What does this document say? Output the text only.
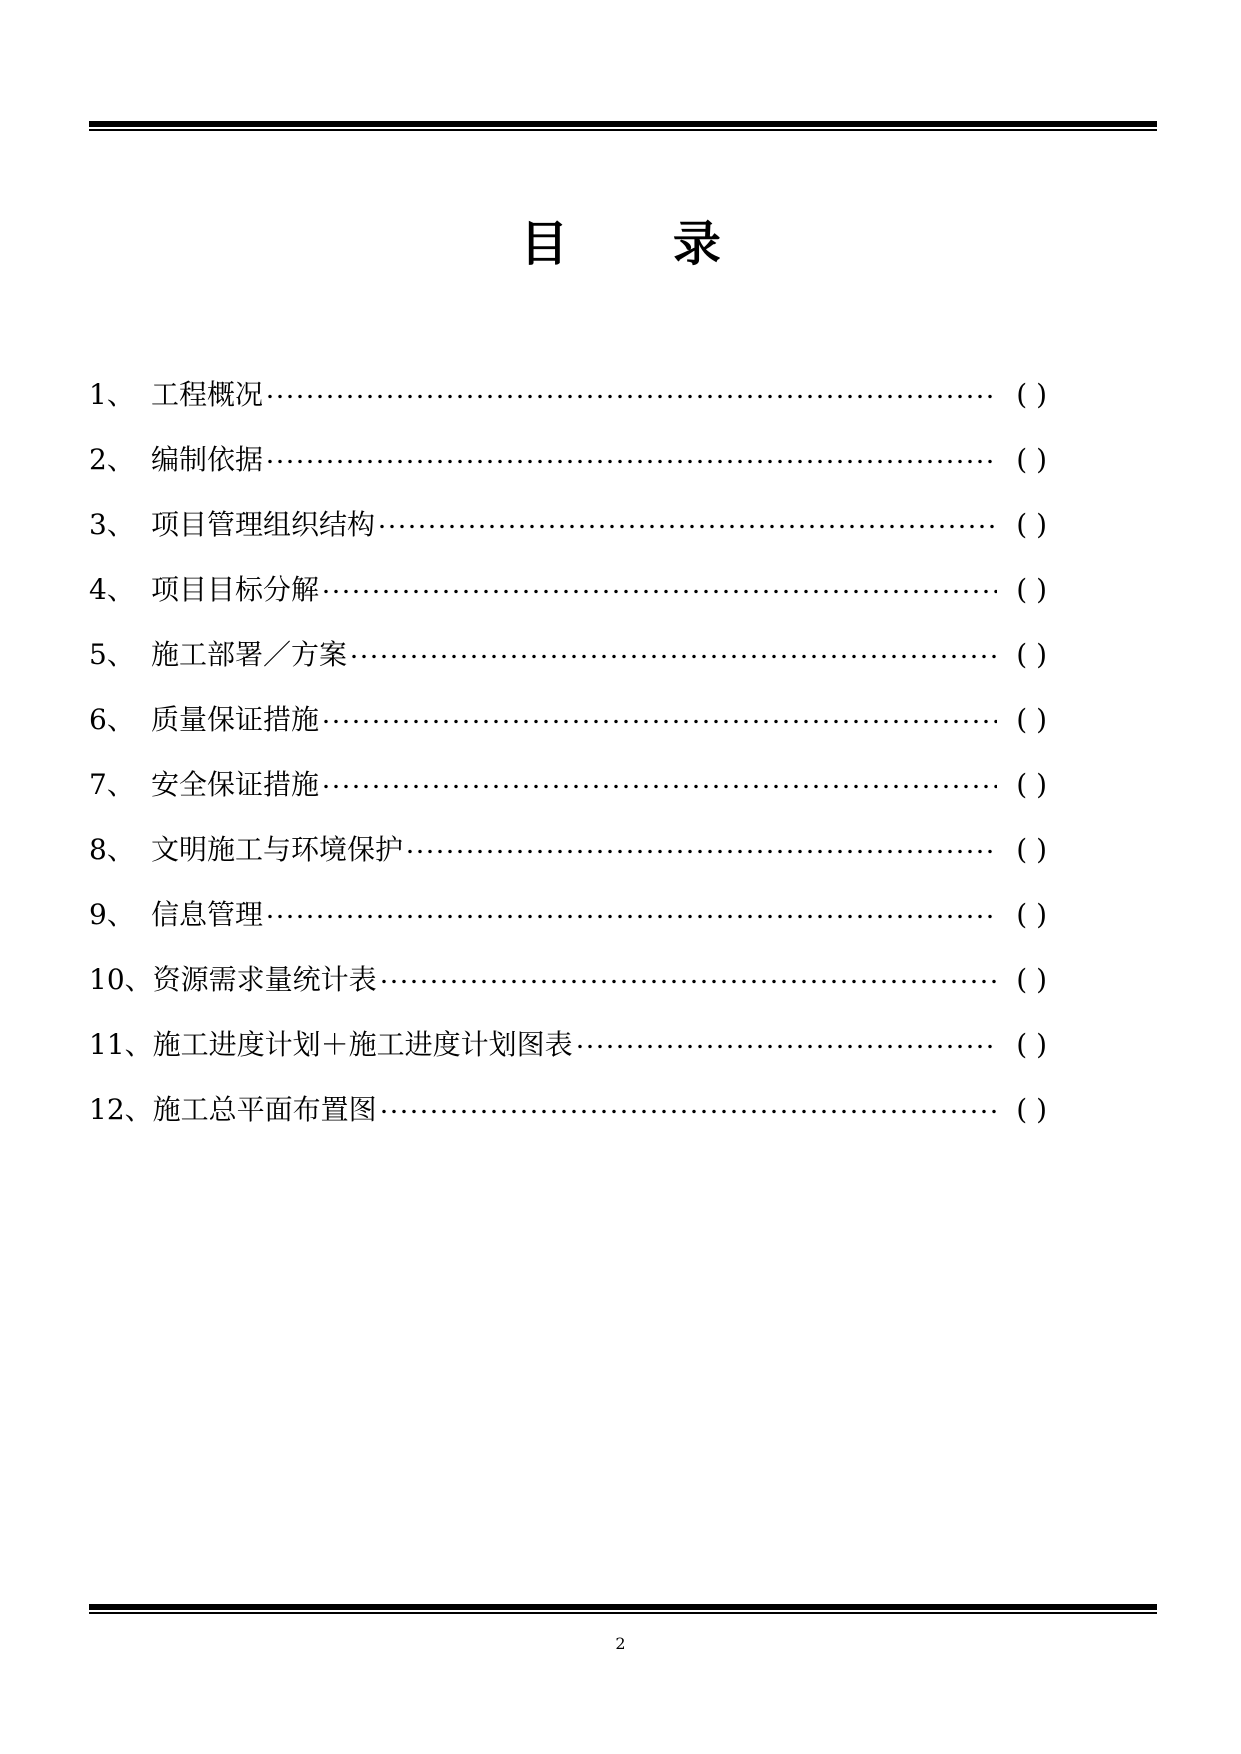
目 录
1、 工程概况	( )
2、 编制依据	( )
3、 项目管理组织结构	( )
4、 项目目标分解	( )
5、 施工部署／方案	( )
6、 质量保证措施	( )
7、 安全保证措施	( )
8、 文明施工与环境保护	( )
9、 信息管理	( )
10、 资源需求量统计表	( )
11、 施工进度计划＋施工进度计划图表	( )
12、 施工总平面布置图	( )
2
